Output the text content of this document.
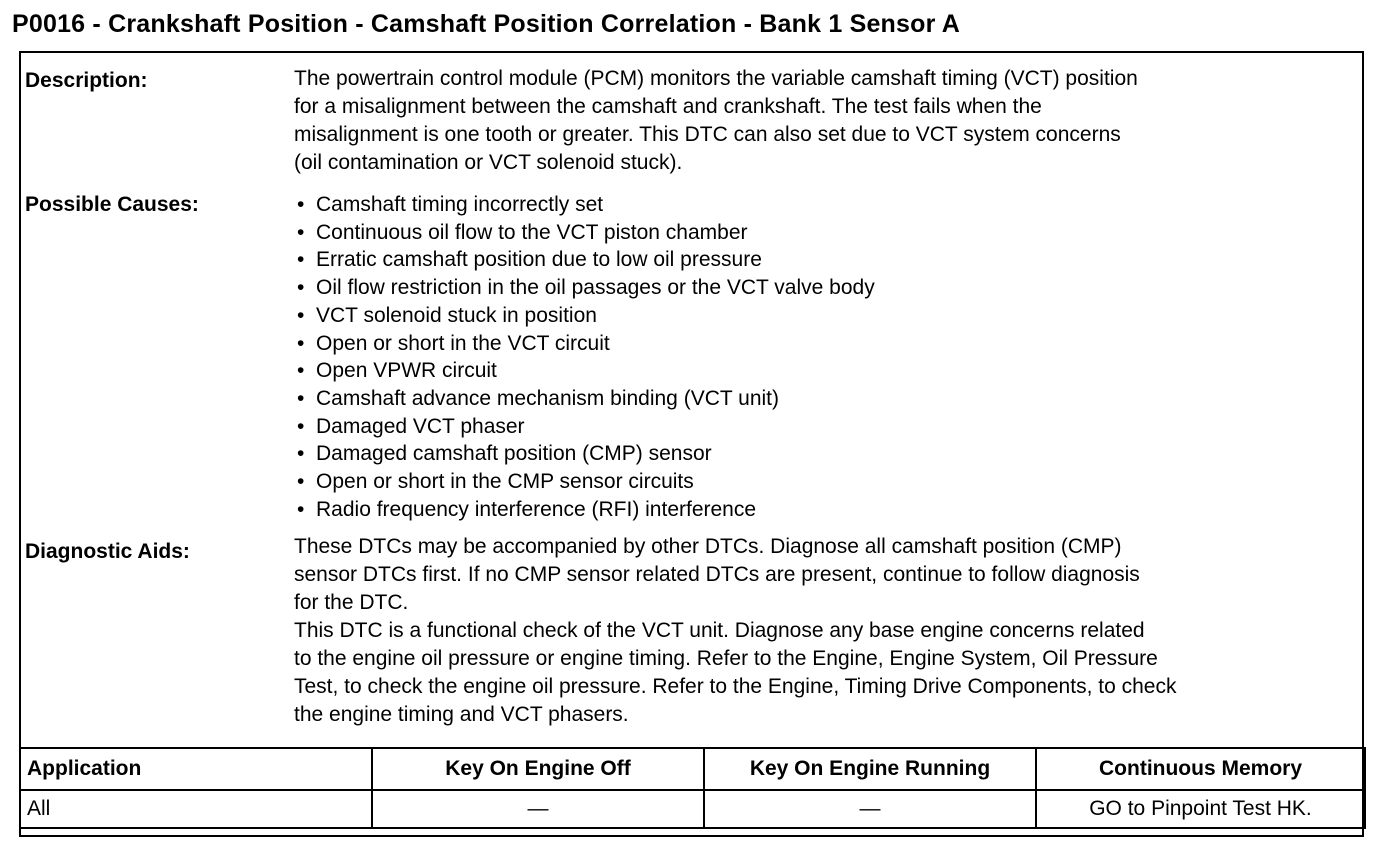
P0016 - Crankshaft Position - Camshaft Position Correlation - Bank 1 Sensor A
Description:	The powertrain control module (PCM) monitors the variable camshaft timing (VCT) position

for a misalignment between the camshaft and crankshaft. The test fails when the

misalignment is one tooth or greater. This DTC can also set due to VCT system concerns

(oil contamination or VCT solenoid stuck).

Possible Causes:	• Camshaft timing incorrectly set
• Continuous oil flow to the VCT piston chamber
• Erratic camshaft position due to low oil pressure
• Oil flow restriction in the oil passages or the VCT valve body
• VCT solenoid stuck in position
• Open or short in the VCT circuit
• Open VPWR circuit
• Camshaft advance mechanism binding (VCT unit)
• Damaged VCT phaser
• Damaged camshaft position (CMP) sensor
• Open or short in the CMP sensor circuits
• Radio frequency interference (RFI) interference
Diagnostic Aids:	These DTCs may be accompanied by other DTCs. Diagnose all camshaft position (CMP)

sensor DTCs first. If no CMP sensor related DTCs are present, continue to follow diagnosis

for the DTC.

This DTC is a functional check of the VCT unit. Diagnose any base engine concerns related

to the engine oil pressure or engine timing. Refer to the Engine, Engine System, Oil Pressure

Test, to check the engine oil pressure. Refer to the Engine, Timing Drive Components, to check

the engine timing and VCT phasers.

Application	Key On Engine Off	Key On Engine Running	Continuous Memory
All	—	—	GO to Pinpoint Test HK.
